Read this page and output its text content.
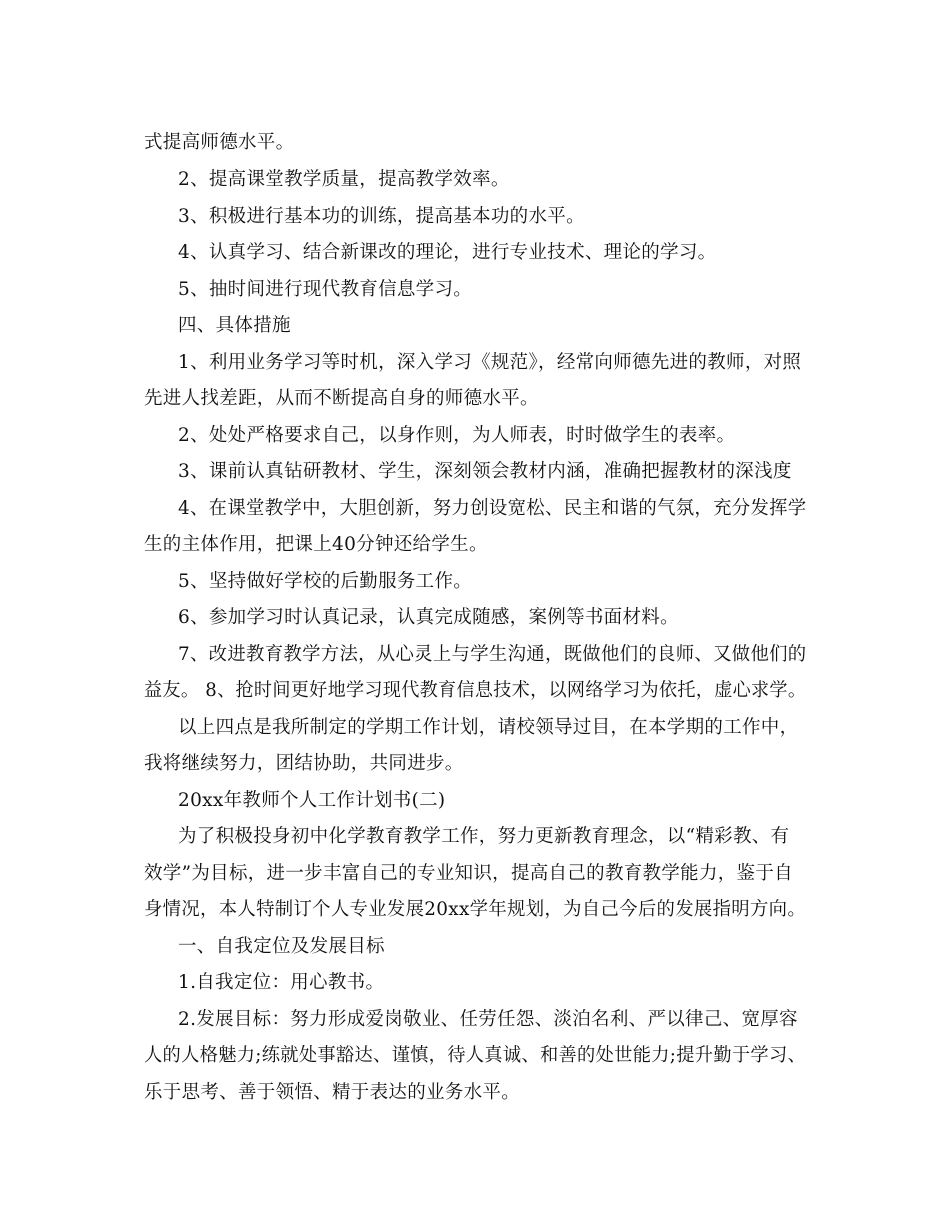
式提高师德水平。
2、提高课堂教学质量，提高教学效率。
3、积极进行基本功的训练，提高基本功的水平。
4、认真学习、结合新课改的理论，进行专业技术、理论的学习。
5、抽时间进行现代教育信息学习。
四、具体措施
1、利用业务学习等时机，深入学习《规范》，经常向师德先进的教师，对照
先进人找差距，从而不断提高自身的师德水平。
2、处处严格要求自己，以身作则，为人师表，时时做学生的表率。
3、课前认真钻研教材、学生，深刻领会教材内涵，准确把握教材的深浅度
4、在课堂教学中，大胆创新，努力创设宽松、民主和谐的气氛，充分发挥学
生的主体作用，把课上40分钟还给学生。
5、坚持做好学校的后勤服务工作。
6、参加学习时认真记录，认真完成随感，案例等书面材料。
7、改进教育教学方法，从心灵上与学生沟通，既做他们的良师、又做他们的
益友。 8、抢时间更好地学习现代教育信息技术，以网络学习为依托，虚心求学。
以上四点是我所制定的学期工作计划，请校领导过目，在本学期的工作中，
我将继续努力，团结协助，共同进步。
20xx年教师个人工作计划书(二)
为了积极投身初中化学教育教学工作，努力更新教育理念，以“精彩教、有
效学”为目标，进一步丰富自己的专业知识，提高自己的教育教学能力，鉴于自
身情况，本人特制订个人专业发展20xx学年规划，为自己今后的发展指明方向。
一、自我定位及发展目标
1.自我定位：用心教书。
2.发展目标：努力形成爱岗敬业、任劳任怨、淡泊名利、严以律己、宽厚容
人的人格魅力;练就处事豁达、谨慎，待人真诚、和善的处世能力;提升勤于学习、
乐于思考、善于领悟、精于表达的业务水平。
